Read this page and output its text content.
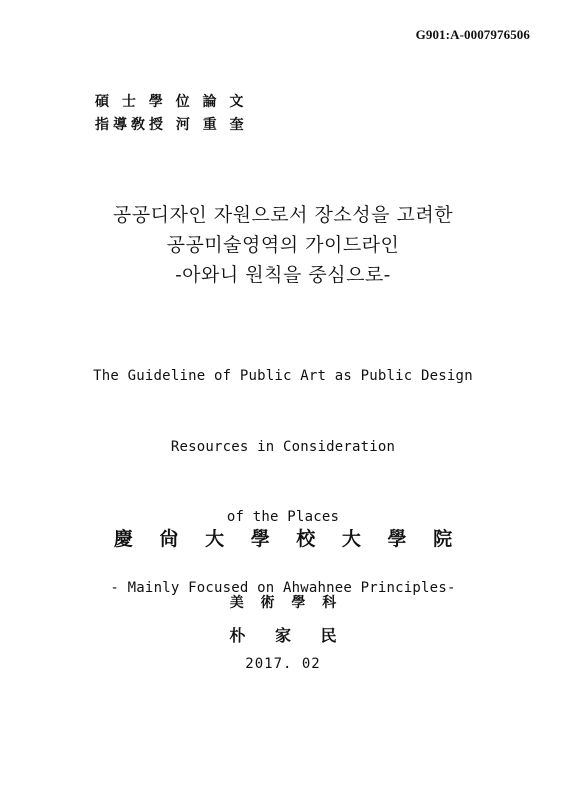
G901:A-0007976506
碩 士 學 位 論 文
指導敎授 河 重 奎
공공디자인 자원으로서 장소성을 고려한
공공미술영역의 가이드라인
-아와니 원칙을 중심으로-

The Guideline of Public Art as Public Design

Resources in Consideration

of the Places

- Mainly Focused on Ahwahnee Principles-

慶 尙 大 學 校 大 學 院
美 術 學 科
朴 家 民
2017. 02
